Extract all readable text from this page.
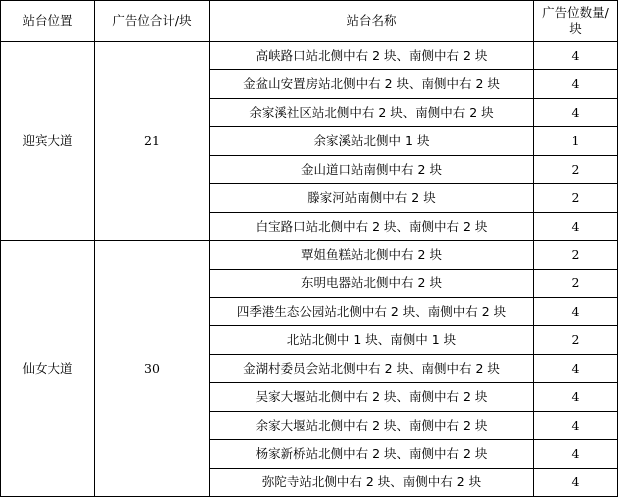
站台位置	广告位合计/块	站台名称	广告位数量/块
迎宾大道	21	高峡路口站北侧中右 2 块、南侧中右 2 块	4
		金盆山安置房站北侧中右 2 块、南侧中右 2 块	4
		余家溪社区站北侧中右 2 块、南侧中右 2 块	4
		余家溪站北侧中 1 块	1
		金山道口站南侧中右 2 块	2
		滕家河站南侧中右 2 块	2
		白宝路口站北侧中右 2 块、南侧中右 2 块	4
仙女大道	30	覃姐鱼糕站北侧中右 2 块	2
		东明电器站北侧中右 2 块	2
		四季港生态公园站北侧中右 2 块、南侧中右 2 块	4
		北站北侧中 1 块、南侧中 1 块	2
		金湖村委员会站北侧中右 2 块、南侧中右 2 块	4
		吴家大堰站北侧中右 2 块、南侧中右 2 块	4
		余家大堰站北侧中右 2 块、南侧中右 2 块	4
		杨家新桥站北侧中右 2 块、南侧中右 2 块	4
		弥陀寺站北侧中右 2 块、南侧中右 2 块	4
